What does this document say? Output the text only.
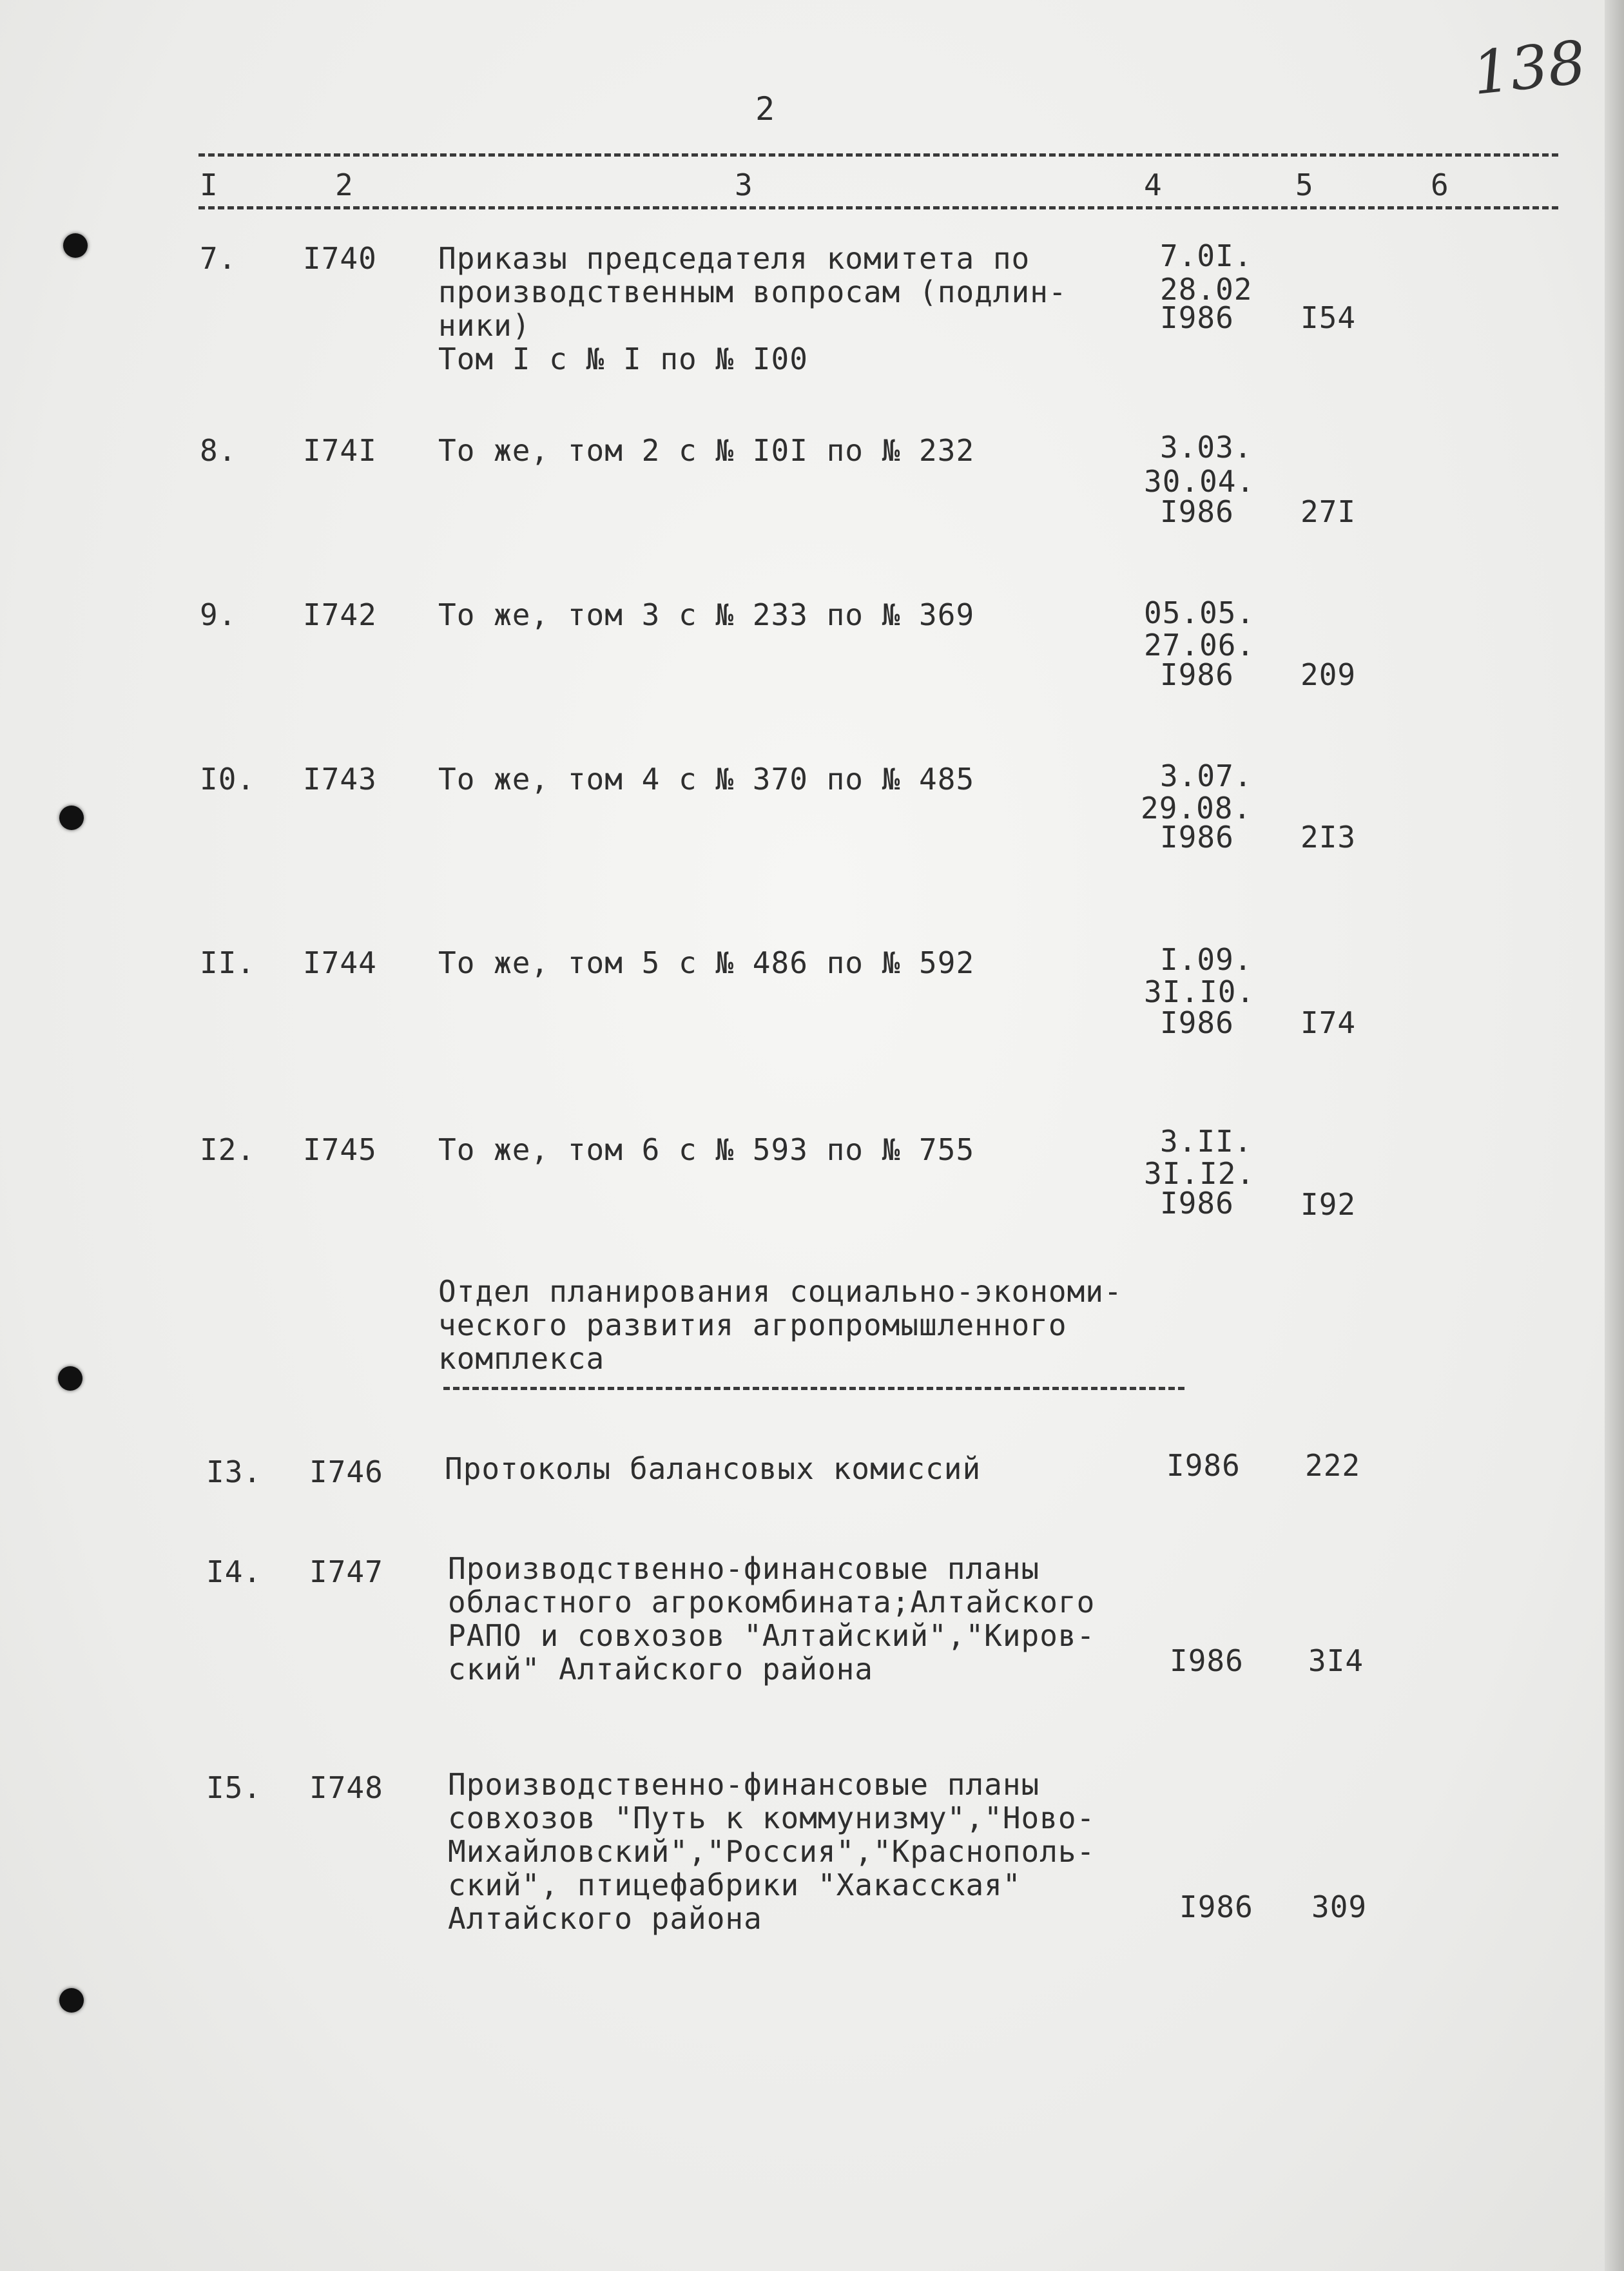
138
2
I	2	3	4	5	6
7. I740 Приказы председателя комитета по
производственным вопросам (подлин-
ники)
Том I с № I по № I00
7.0I.
28.02
I986 I54
8. I74I То же, том 2 с № I0I по № 232	3.03.
30.04.
I986 27I
9. I742 То же, том 3 с № 233 по № 369	05.05.
27.06.
I986 209
I0. I743 То же, том 4 с № 370 по № 485	3.07.
29.08.
I986 2I3
II. I744 То же, том 5 с № 486 по № 592	I.09.
3I.I0.
I986 I74
I2. I745 То же, том 6 с № 593 по № 755	3.II.
3I.I2.
I986 I92
Отдел планирования социально-экономи-
ческого развития агропромышленного
комплекса
I3. I746 Протоколы балансовых комиссий	I986 222
I4. I747 Производственно-финансовые планы
областного агрокомбината;Алтайского
РАПО и совхозов "Алтайский","Киров-
ский" Алтайского района	I986 3I4
I5. I748 Производственно-финансовые планы
совхозов "Путь к коммунизму","Ново-
Михайловский","Россия","Краснополь-
ский", птицефабрики "Хакасская"
Алтайского района	I986 309
